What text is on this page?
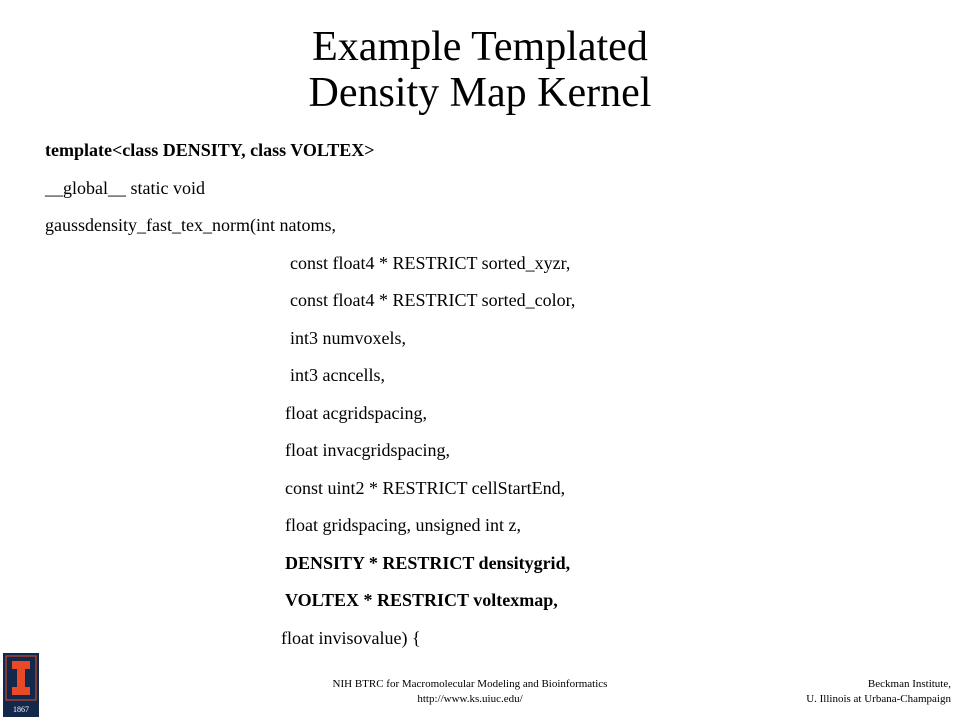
Example Templated
Density Map Kernel
template<class DENSITY, class VOLTEX>
__global__ static void
gaussdensity_fast_tex_norm(int natoms,
const float4 * RESTRICT sorted_xyzr,
const float4 * RESTRICT sorted_color,
int3 numvoxels,
int3 acncells,
float acgridspacing,
float invacgridspacing,
const uint2 * RESTRICT cellStartEnd,
float gridspacing, unsigned int z,
DENSITY * RESTRICT densitygrid,
VOLTEX * RESTRICT voltexmap,
float invisovalue) {
1867
NIH BTRC for Macromolecular Modeling and Bioinformatics
http://www.ks.uiuc.edu/
Beckman Institute,
U. Illinois at Urbana-Champaign
